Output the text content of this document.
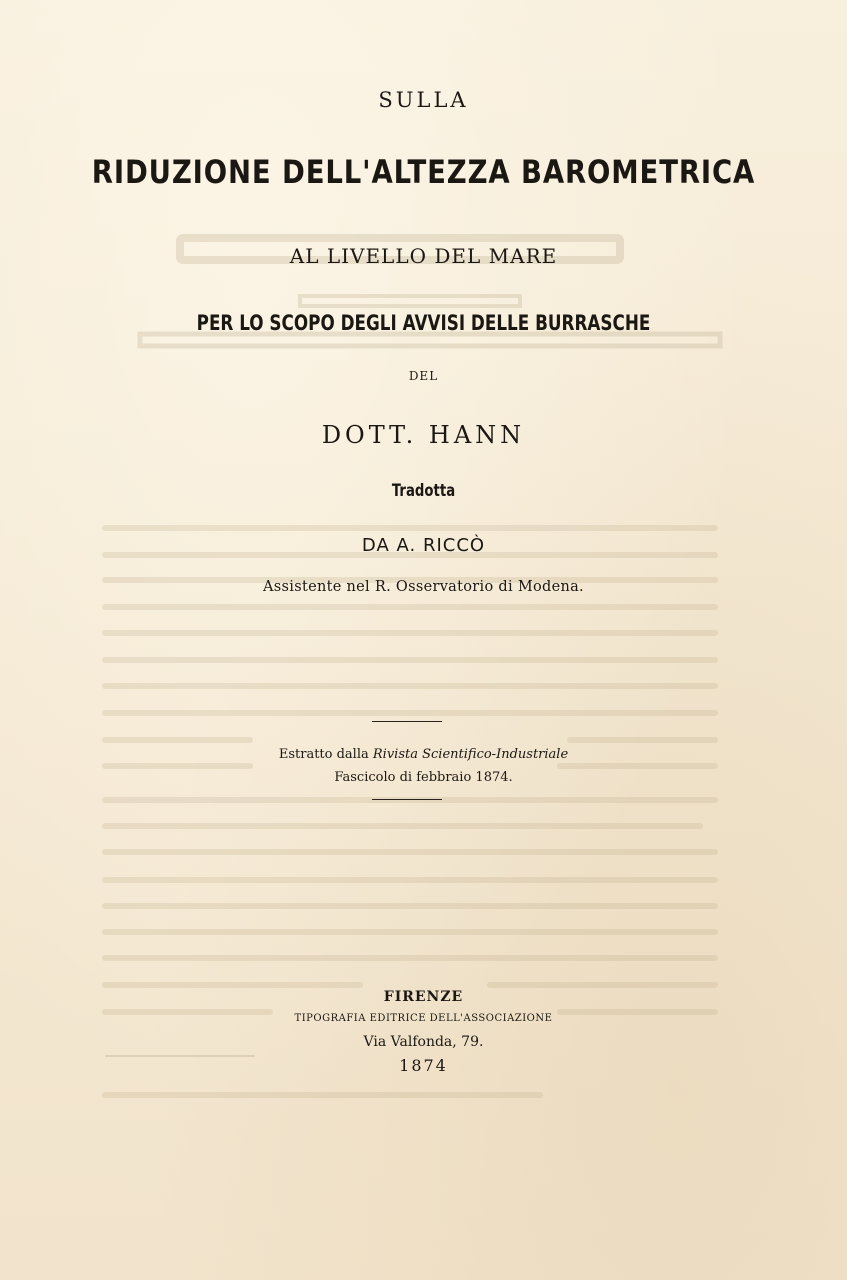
SULLA
RIDUZIONE DELL'ALTEZZA BAROMETRICA
AL LIVELLO DEL MARE
PER LO SCOPO DEGLI AVVISI DELLE BURRASCHE
DEL
DOTT. HANN
Tradotta
DA A. RICCÒ
Assistente nel R. Osservatorio di Modena.
Estratto dalla Rivista Scientifico-Industriale
Fascicolo di febbraio 1874.
FIRENZE
TIPOGRAFIA EDITRICE DELL'ASSOCIAZIONE
Via Valfonda, 79.
1874
